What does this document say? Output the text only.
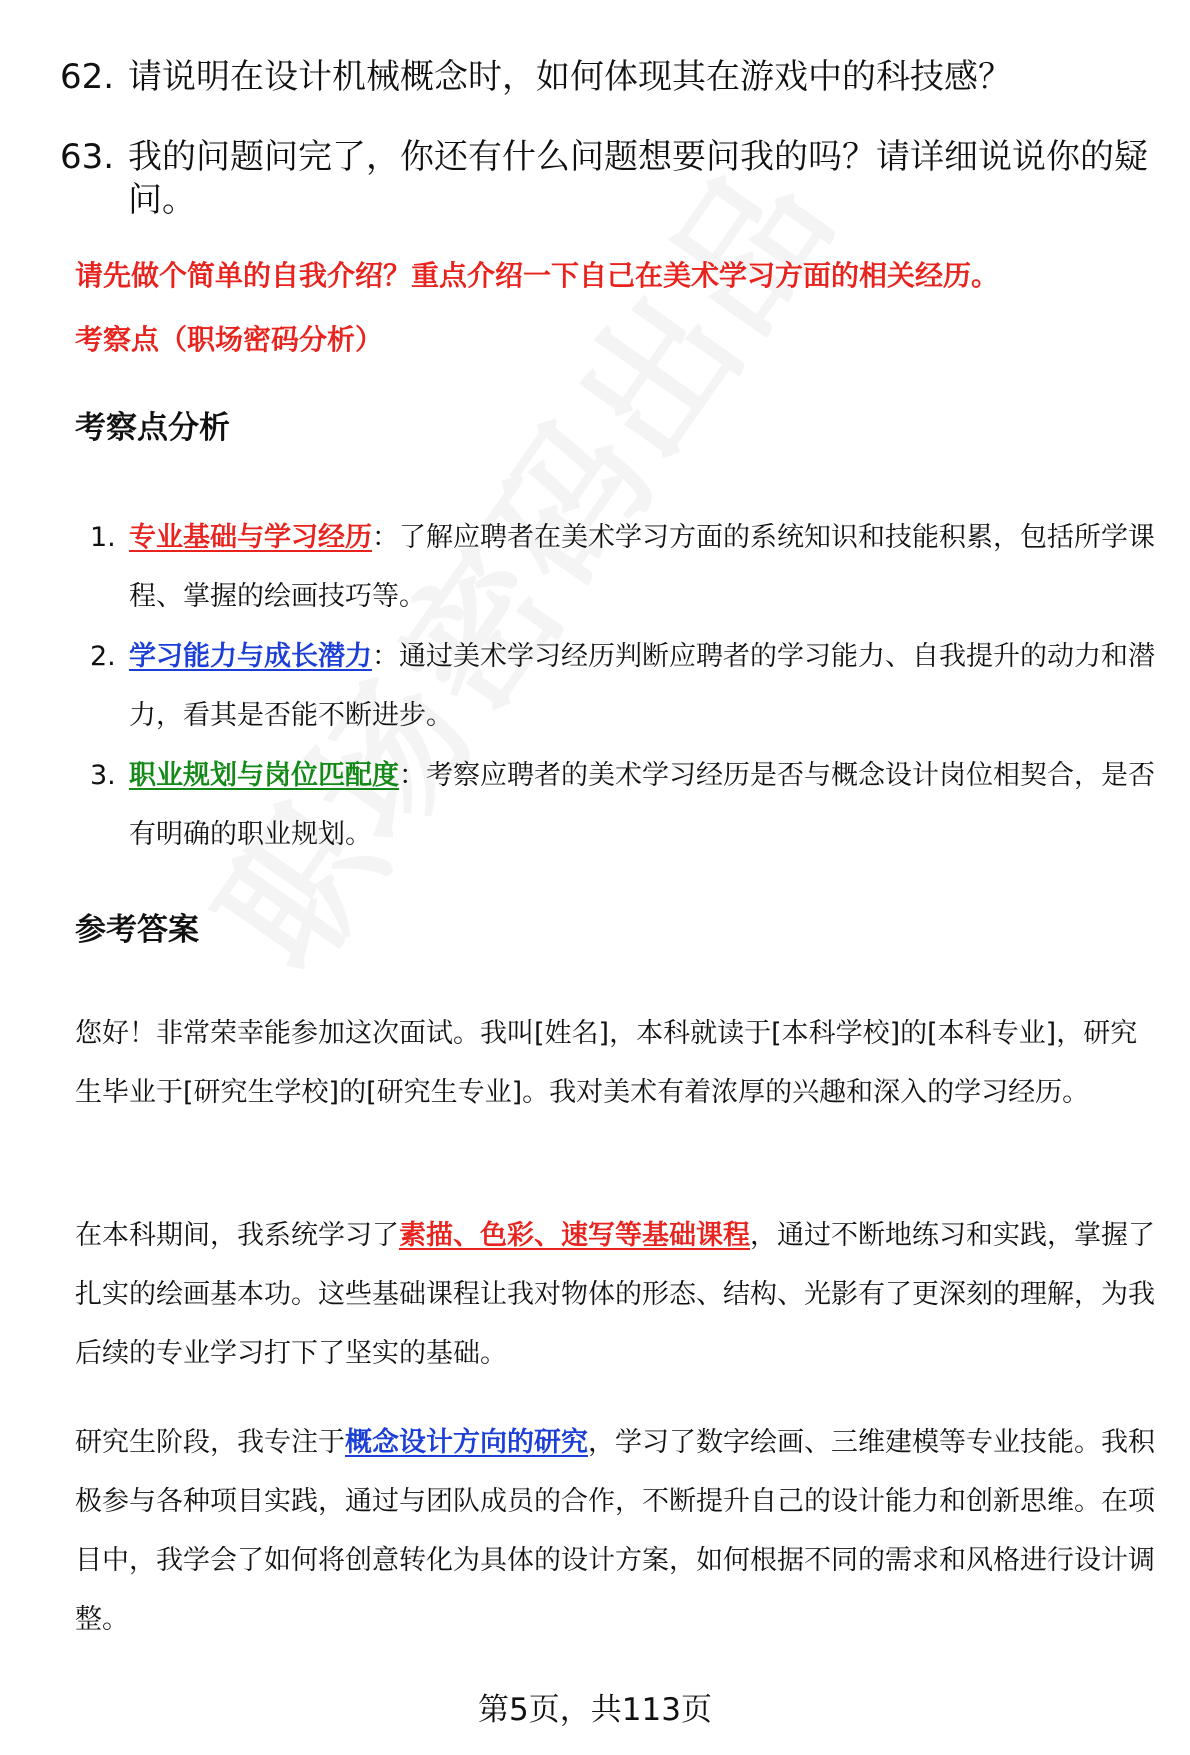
62. 请说明在设计机械概念时，如何体现其在游戏中的科技感？
63. 我的问题问完了，你还有什么问题想要问我的吗？请详细说说你的疑问。
请先做个简单的自我介绍？重点介绍一下自己在美术学习方面的相关经历。
考察点（职场密码分析）
考察点分析
1. 专业基础与学习经历：了解应聘者在美术学习方面的系统知识和技能积累，包括所学课程、掌握的绘画技巧等。
2. 学习能力与成长潜力：通过美术学习经历判断应聘者的学习能力、自我提升的动力和潜力，看其是否能不断进步。
3. 职业规划与岗位匹配度：考察应聘者的美术学习经历是否与概念设计岗位相契合，是否有明确的职业规划。
参考答案
您好！非常荣幸能参加这次面试。我叫[姓名]，本科就读于[本科学校]的[本科专业]，研究生毕业于[研究生学校]的[研究生专业]。我对美术有着浓厚的兴趣和深入的学习经历。
在本科期间，我系统学习了素描、色彩、速写等基础课程，通过不断地练习和实践，掌握了扎实的绘画基本功。这些基础课程让我对物体的形态、结构、光影有了更深刻的理解，为我后续的专业学习打下了坚实的基础。
研究生阶段，我专注于概念设计方向的研究，学习了数字绘画、三维建模等专业技能。我积极参与各种项目实践，通过与团队成员的合作，不断提升自己的设计能力和创新思维。在项目中，我学会了如何将创意转化为具体的设计方案，如何根据不同的需求和风格进行设计调整。
第5页，共113页
